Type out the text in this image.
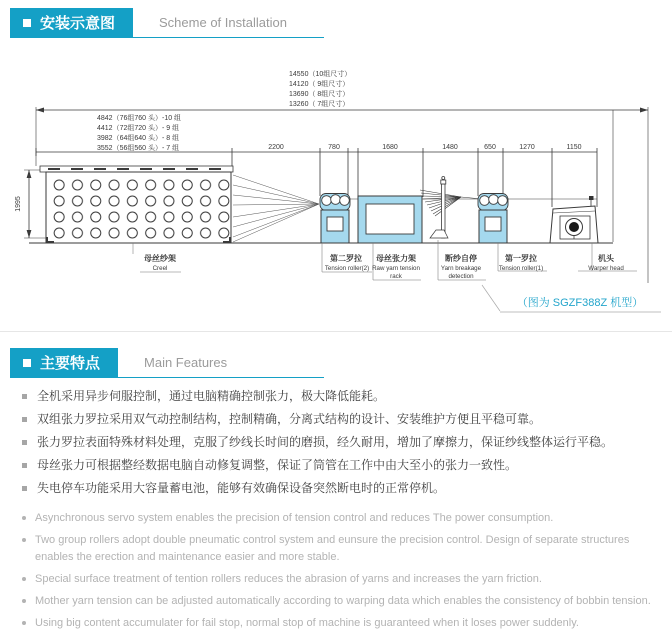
安装示意图	Scheme of Installation
14550（10组尺寸）
14120（ 9组尺寸）
13690（ 8组尺寸）
13260（ 7组尺寸）
4842（76组760 头）-10 组
4412（72组720 头）- 9 组
3982（64组640 头）- 8 组
3552（56组560 头）- 7 组	2200	780	1680	1480	650	1270	1150
1995
母丝纱架	第二罗拉 母丝张力架	断纱自停	第一罗拉	机头
Creel	Tension roller(2) Raw yarn tension
rack
Yarn breakage
detection
Tension roller(1)	Warper head
（图为 SGZF388Z 机型）
主要特点	Main Features
全机采用异步伺服控制，通过电脑精确控制张力，极大降低能耗。
双组张力罗拉采用双气动控制结构，控制精确，分离式结构的设计、安装维护方便且平稳可靠。
张力罗拉表面特殊材料处理，克服了纱线长时间的磨损，经久耐用，增加了摩擦力，保证纱线整体运行平稳。
母丝张力可根据整经数据电脑自动修复调整，保证了筒管在工作中由大至小的张力一致性。
失电停车功能采用大容量蓄电池，能够有效确保设备突然断电时的正常停机。
Asynchronous servo system enables the precision of tension control and reduces The power consumption.
Two group rollers adopt double pneumatic control system and eunsure the precision control. Design of separate structures enables the erection and maintenance easier and more stable.
Special surface treatment of tention rollers reduces the abrasion of yarns and increases the yarn friction.
Mother yarn tension can be adjusted automatically according to warping data which enables the consistency of bobbin tension.
Using big content accumulater for fail stop, normal stop of machine is guaranteed when it loses power suddenly.
